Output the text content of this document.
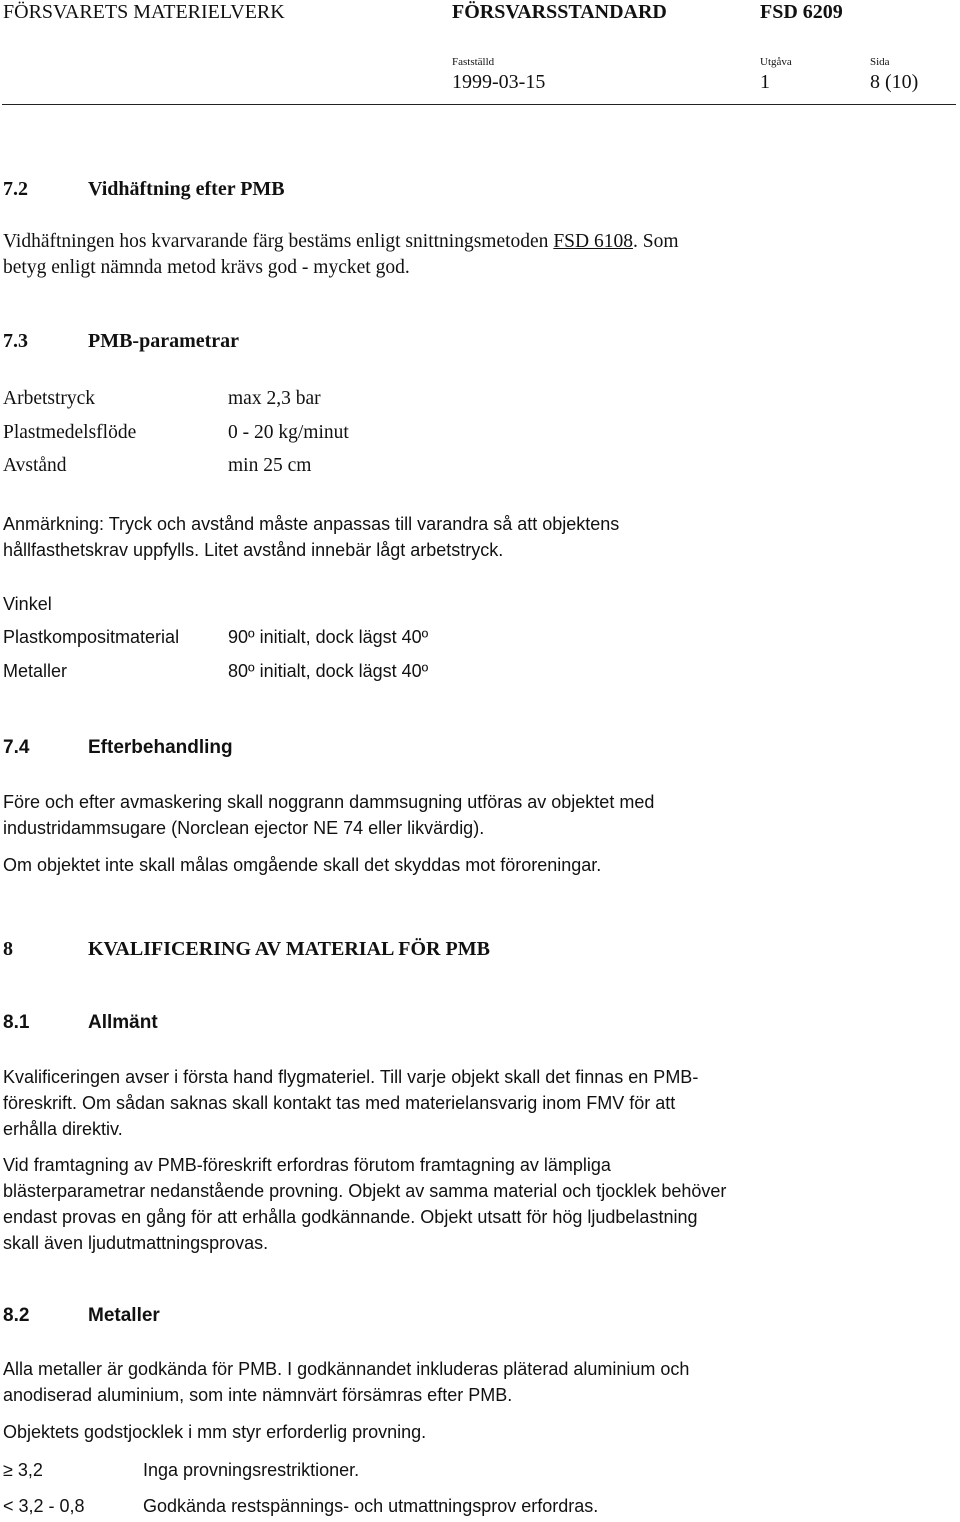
FÖRSVARETS MATERIELVERK	FÖRSVARSSTANDARD	FSD 6209
Fastställd	Utgåva	Sida
1999-03-15	1	8 (10)
7.2	Vidhäftning efter PMB
Vidhäftningen hos kvarvarande färg bestäms enligt snittningsmetoden FSD 6108. Som
betyg enligt nämnda metod krävs god - mycket god.
7.3	PMB-parametrar
Arbetstryck	max 2,3 bar
Plastmedelsflöde	0 - 20 kg/minut
Avstånd	min 25 cm
Anmärkning: Tryck och avstånd måste anpassas till varandra så att objektens
hållfasthetskrav uppfylls. Litet avstånd innebär lågt arbetstryck.
Vinkel
Plastkompositmaterial	90º initialt, dock lägst 40º
Metaller	80º initialt, dock lägst 40º
7.4	Efterbehandling
Före och efter avmaskering skall noggrann dammsugning utföras av objektet med
industridammsugare (Norclean ejector NE 74 eller likvärdig).
Om objektet inte skall målas omgående skall det skyddas mot föroreningar.
8	KVALIFICERING AV MATERIAL FÖR PMB
8.1	Allmänt
Kvalificeringen avser i första hand flygmateriel. Till varje objekt skall det finnas en PMB-
föreskrift. Om sådan saknas skall kontakt tas med materielansvarig inom FMV för att
erhålla direktiv.
Vid framtagning av PMB-föreskrift erfordras förutom framtagning av lämpliga
blästerparametrar nedanstående provning. Objekt av samma material och tjocklek behöver
endast provas en gång för att erhålla godkännande. Objekt utsatt för hög ljudbelastning
skall även ljudutmattningsprovas.
8.2	Metaller
Alla metaller är godkända för PMB. I godkännandet inkluderas pläterad aluminium och
anodiserad aluminium, som inte nämnvärt försämras efter PMB.
Objektets godstjocklek i mm styr erforderlig provning.
≥ 3,2	Inga provningsrestriktioner.
< 3,2 - 0,8	Godkända restspännings- och utmattningsprov erfordras.
